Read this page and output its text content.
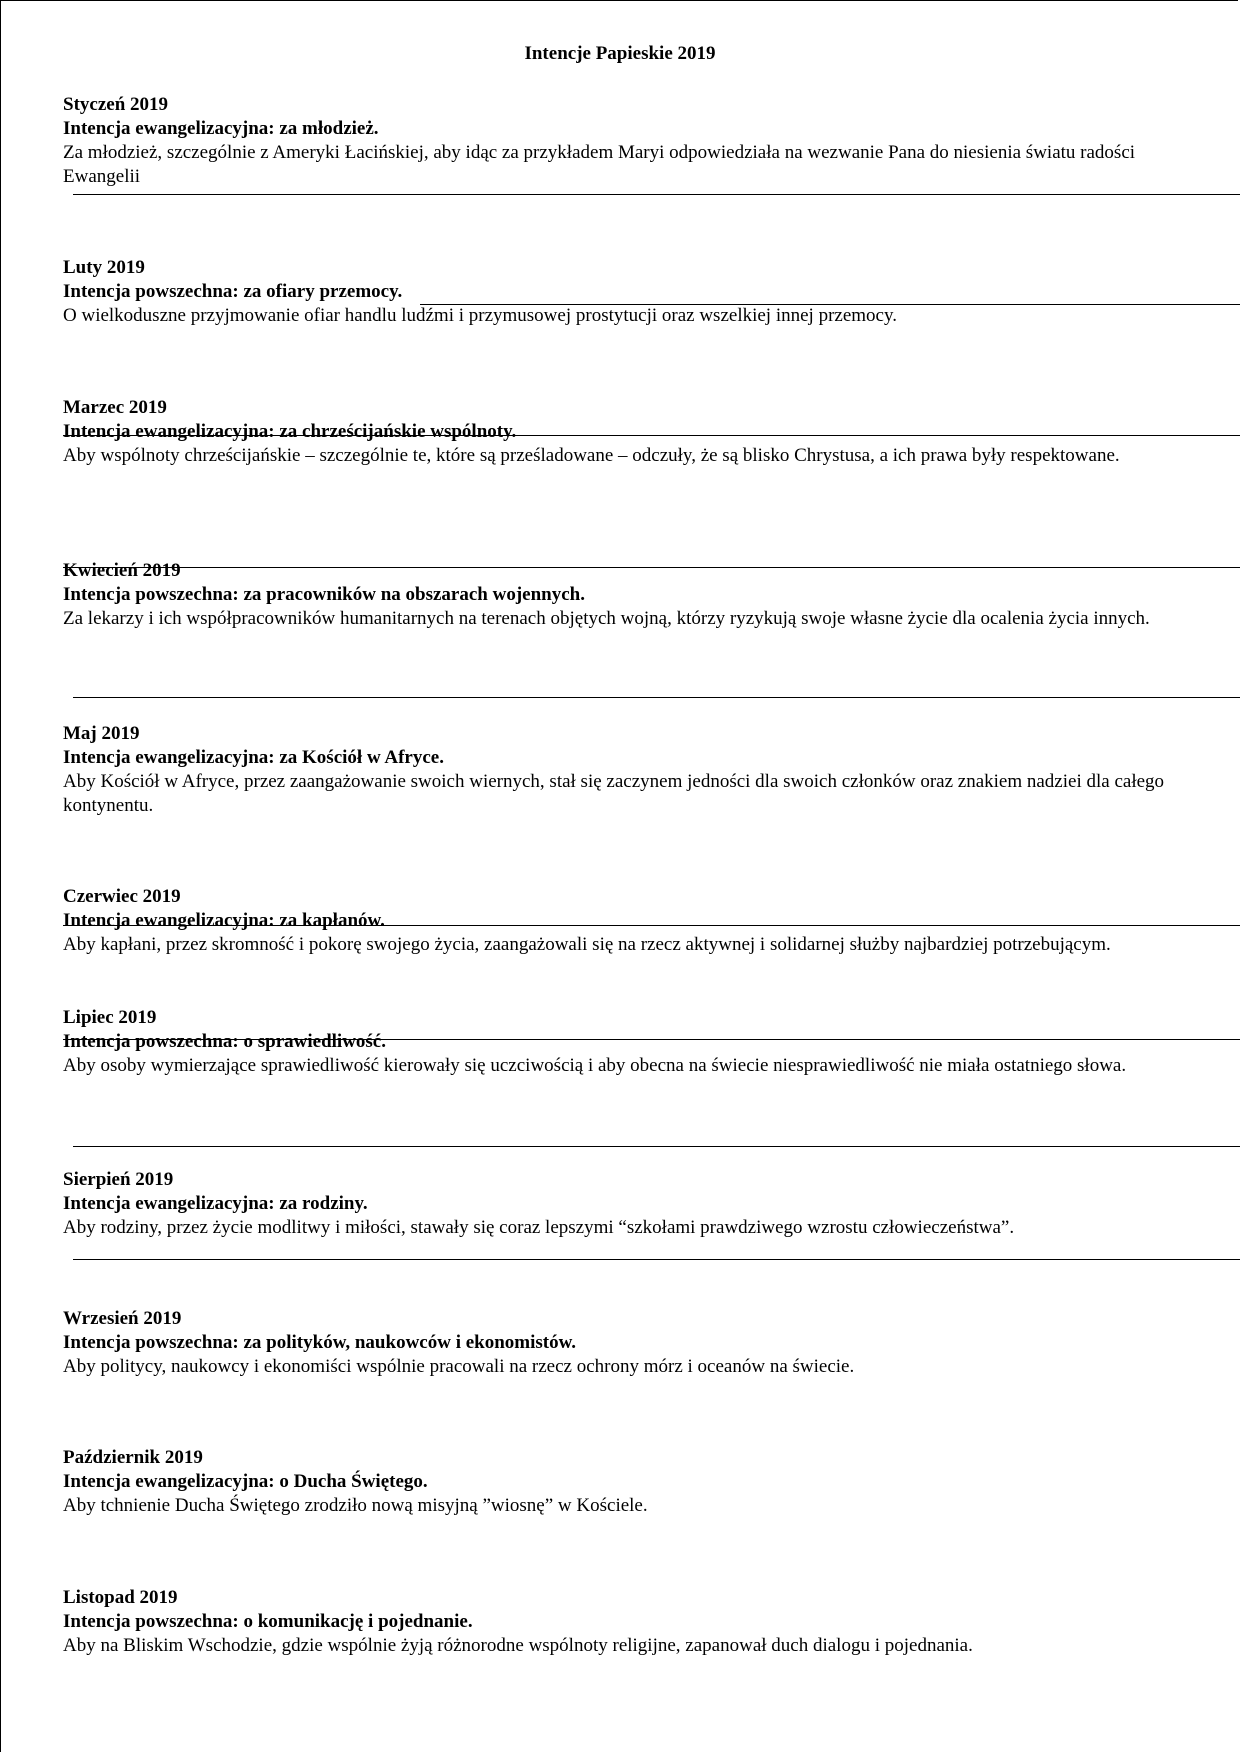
Intencje Papieskie 2019

Styczeń 2019

Intencja ewangelizacyjna: za młodzież.

Za młodzież, szczególnie z Ameryki Łacińskiej, aby idąc za przykładem Maryi odpowiedziała na wezwanie Pana do niesienia światu radości Ewangelii

Luty 2019

Intencja powszechna: za ofiary przemocy.

O wielkoduszne przyjmowanie ofiar handlu ludźmi i przymusowej prostytucji oraz wszelkiej innej przemocy.

Marzec 2019

Intencja ewangelizacyjna: za chrześcijańskie wspólnoty.

Aby wspólnoty chrześcijańskie – szczególnie te, które są prześladowane – odczuły, że są blisko Chrystusa, a ich prawa były respektowane.

Kwiecień 2019

Intencja powszechna: za pracowników na obszarach wojennych.

Za lekarzy i ich współpracowników humanitarnych na terenach objętych wojną, którzy ryzykują swoje własne życie dla ocalenia życia innych.

Maj 2019

Intencja ewangelizacyjna: za Kościół w Afryce.

Aby Kościół w Afryce, przez zaangażowanie swoich wiernych, stał się zaczynem jedności dla swoich członków oraz znakiem nadziei dla całego kontynentu.

Czerwiec 2019

Intencja ewangelizacyjna: za kapłanów.

Aby kapłani, przez skromność i pokorę swojego życia, zaangażowali się na rzecz aktywnej i solidarnej służby najbardziej potrzebującym.

Lipiec 2019

Intencja powszechna: o sprawiedliwość.

Aby osoby wymierzające sprawiedliwość kierowały się uczciwością i aby obecna na świecie niesprawiedliwość nie miała ostatniego słowa.

Sierpień 2019

Intencja ewangelizacyjna: za rodziny.

Aby rodziny, przez życie modlitwy i miłości, stawały się coraz lepszymi “szkołami prawdziwego wzrostu człowieczeństwa”.

Wrzesień 2019

Intencja powszechna: za polityków, naukowców i ekonomistów.

Aby politycy, naukowcy i ekonomiści wspólnie pracowali na rzecz ochrony mórz i oceanów na świecie.

Październik 2019

Intencja ewangelizacyjna: o Ducha Świętego.

Aby tchnienie Ducha Świętego zrodziło nową misyjną ”wiosnę” w Kościele.

Listopad 2019

Intencja powszechna: o komunikację i pojednanie.

Aby na Bliskim Wschodzie, gdzie wspólnie żyją różnorodne wspólnoty religijne, zapanował duch dialogu i pojednania.
